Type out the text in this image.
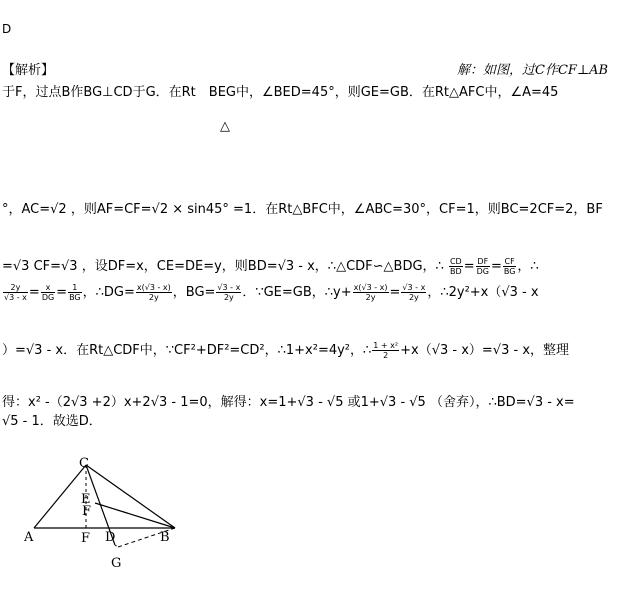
D
【解析】	解：如图，过C作CF⊥AB
于F，过点B作BG⊥CD于G．在Rt　BEG中，∠BED=45°，则GE=GB．在Rt△AFC中，∠A=45
△
°，AC=√2 ，则AF=CF=√2 × sin45° =1．在Rt△BFC中，∠ABC=30°，CF=1，则BC=2CF=2，BF
=√3 CF=√3 ，设DF=x，CE=DE=y，则BD=√3 - x，∴△CDF∽△BDG，∴ $\frac{CD}{BD} = \frac{DF}{DG} = \frac{CF}{BG}$ ，∴
$\frac{2y}{√3 - x} = \frac{x}{DG} = \frac{1}{BG}$ ，∴DG= $\frac{x(√3 - x)}{2y}$ ，$BG= \frac{√3 - x}{2y}$ ．∵GE=GB，∴y+ $\frac{x(√3 - x)}{2y} = \frac{√3 - x}{2y}$ ，∴2y²+x（√3 - x
）=√3 - x．在Rt△CDF中，∵CF²+DF²=CD²，∴1+x²=4y²，∴ $\frac{\text{1 + x²}}{2} +x(√3 - x)=√3 - x$，整理
得：x² -（2√3 +2）x+2√3 - 1=0，解得：x=1+√3 - √5 或1+√3 - √5 （舍弃），∴BD=√3 - x=
√5 - 1．故选D．
C
E
F
A	F D	B
G
